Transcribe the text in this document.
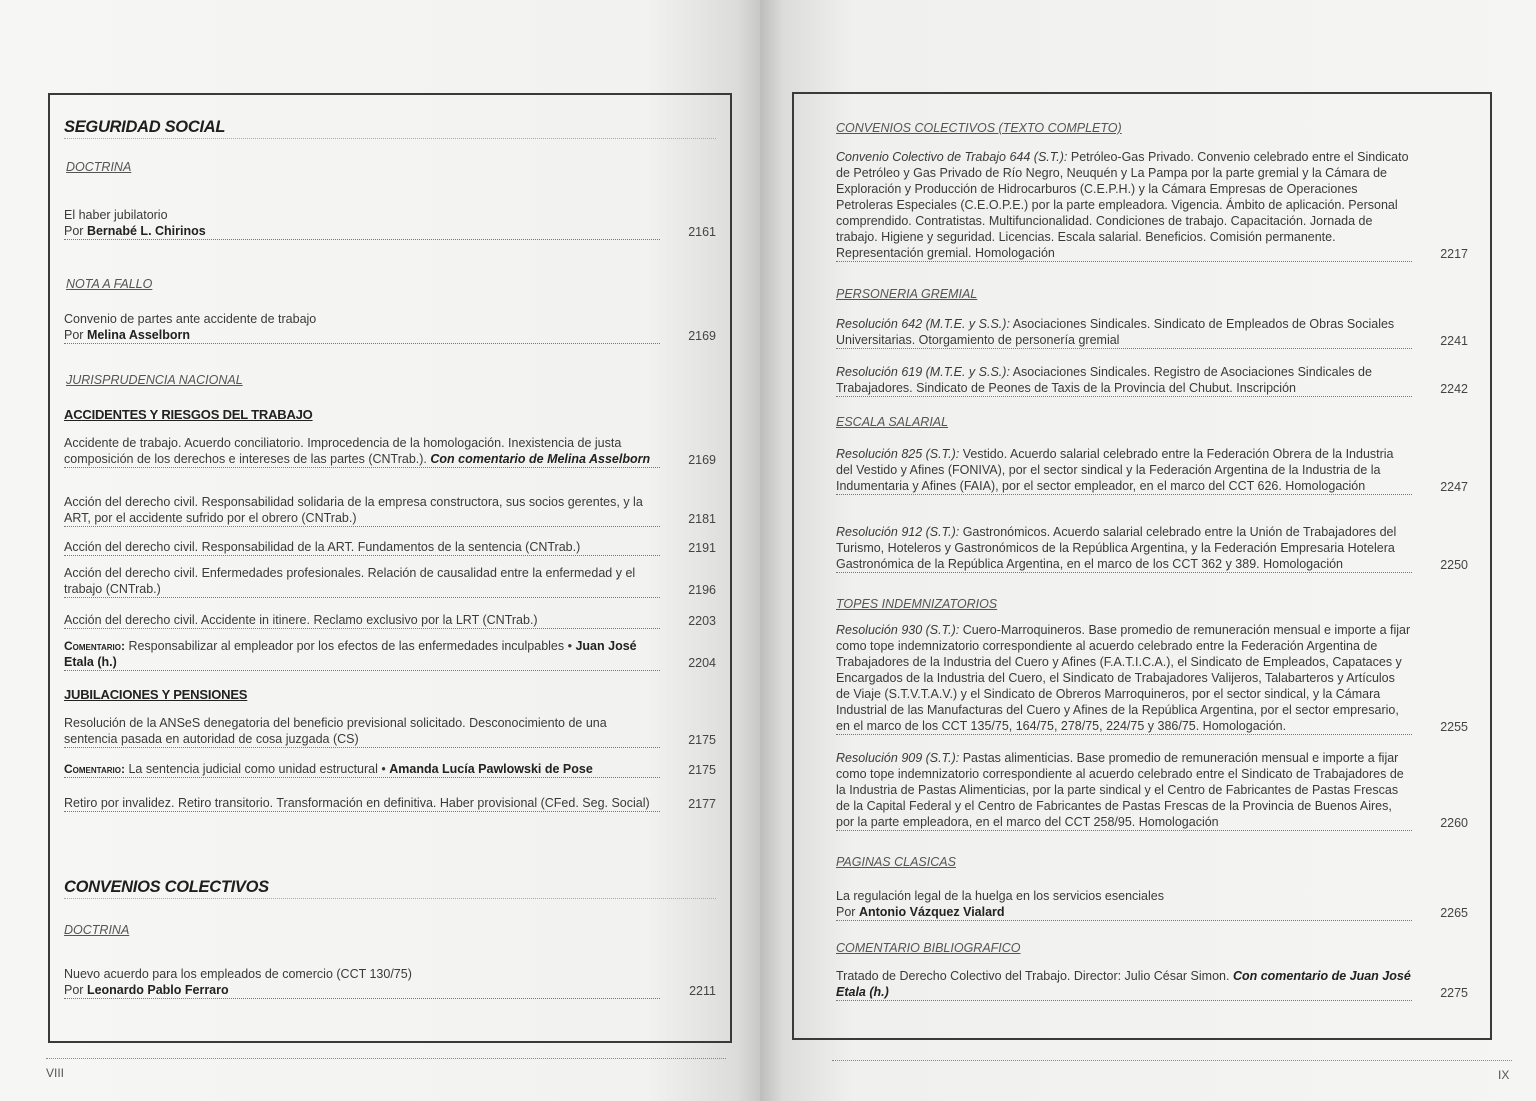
SEGURIDAD SOCIAL
DOCTRINA
El haber jubilatorio
Por Bernabé L. Chirinos	2161
NOTA A FALLO
Convenio de partes ante accidente de trabajo
Por Melina Asselborn	2169
JURISPRUDENCIA NACIONAL
ACCIDENTES Y RIESGOS DEL TRABAJO
Accidente de trabajo. Acuerdo conciliatorio. Improcedencia de la homologación. Inexistencia de justa composición de los derechos e intereses de las partes (CNTrab.). Con comentario de Melina Asselborn	2169
Acción del derecho civil. Responsabilidad solidaria de la empresa constructora, sus socios gerentes, y la ART, por el accidente sufrido por el obrero (CNTrab.)	2181
Acción del derecho civil. Responsabilidad de la ART. Fundamentos de la sentencia (CNTrab.)	2191
Acción del derecho civil. Enfermedades profesionales. Relación de causalidad entre la enfermedad y el trabajo (CNTrab.)	2196
Acción del derecho civil. Accidente in itinere. Reclamo exclusivo por la LRT (CNTrab.)	2203
Comentario: Responsabilizar al empleador por los efectos de las enfermedades inculpables • Juan José Etala (h.)	2204
JUBILACIONES Y PENSIONES
Resolución de la ANSeS denegatoria del beneficio previsional solicitado. Desconocimiento de una sentencia pasada en autoridad de cosa juzgada (CS)	2175
Comentario: La sentencia judicial como unidad estructural • Amanda Lucía Pawlowski de Pose	2175
Retiro por invalidez. Retiro transitorio. Transformación en definitiva. Haber provisional (CFed. Seg. Social)	2177
CONVENIOS COLECTIVOS
DOCTRINA
Nuevo acuerdo para los empleados de comercio (CCT 130/75)
Por Leonardo Pablo Ferraro	2211
VIII
CONVENIOS COLECTIVOS (TEXTO COMPLETO)
Convenio Colectivo de Trabajo 644 (S.T.): Petróleo-Gas Privado. Convenio celebrado entre el Sindicato de Petróleo y Gas Privado de Río Negro, Neuquén y La Pampa por la parte gremial y la Cámara de Exploración y Producción de Hidrocarburos (C.E.P.H.) y la Cámara Empresas de Operaciones Petroleras Especiales (C.E.O.P.E.) por la parte empleadora. Vigencia. Ámbito de aplicación. Personal comprendido. Contratistas. Multifuncionalidad. Condiciones de trabajo. Capacitación. Jornada de trabajo. Higiene y seguridad. Licencias. Escala salarial. Beneficios. Comisión permanente. Representación gremial. Homologación	2217
PERSONERIA GREMIAL
Resolución 642 (M.T.E. y S.S.): Asociaciones Sindicales. Sindicato de Empleados de Obras Sociales Universitarias. Otorgamiento de personería gremial	2241
Resolución 619 (M.T.E. y S.S.): Asociaciones Sindicales. Registro de Asociaciones Sindicales de Trabajadores. Sindicato de Peones de Taxis de la Provincia del Chubut. Inscripción	2242
ESCALA SALARIAL
Resolución 825 (S.T.): Vestido. Acuerdo salarial celebrado entre la Federación Obrera de la Industria del Vestido y Afines (FONIVA), por el sector sindical y la Federación Argentina de la Industria de la Indumentaria y Afines (FAIA), por el sector empleador, en el marco del CCT 626. Homologación	2247
Resolución 912 (S.T.): Gastronómicos. Acuerdo salarial celebrado entre la Unión de Trabajadores del Turismo, Hoteleros y Gastronómicos de la República Argentina, y la Federación Empresaria Hotelera Gastronómica de la República Argentina, en el marco de los CCT 362 y 389. Homologación	2250
TOPES INDEMNIZATORIOS
Resolución 930 (S.T.): Cuero-Marroquineros. Base promedio de remuneración mensual e importe a fijar como tope indemnizatorio correspondiente al acuerdo celebrado entre la Federación Argentina de Trabajadores de la Industria del Cuero y Afines (F.A.T.I.C.A.), el Sindicato de Empleados, Capataces y Encargados de la Industria del Cuero, el Sindicato de Trabajadores Valijeros, Talabarteros y Artículos de Viaje (S.T.V.T.A.V.) y el Sindicato de Obreros Marroquineros, por el sector sindical, y la Cámara Industrial de las Manufacturas del Cuero y Afines de la República Argentina, por el sector empresario, en el marco de los CCT 135/75, 164/75, 278/75, 224/75 y 386/75. Homologación.	2255
Resolución 909 (S.T.): Pastas alimenticias. Base promedio de remuneración mensual e importe a fijar como tope indemnizatorio correspondiente al acuerdo celebrado entre el Sindicato de Trabajadores de la Industria de Pastas Alimenticias, por la parte sindical y el Centro de Fabricantes de Pastas Frescas de la Capital Federal y el Centro de Fabricantes de Pastas Frescas de la Provincia de Buenos Aires, por la parte empleadora, en el marco del CCT 258/95. Homologación	2260
PAGINAS CLASICAS
La regulación legal de la huelga en los servicios esenciales
Por Antonio Vázquez Vialard	2265
COMENTARIO BIBLIOGRAFICO
Tratado de Derecho Colectivo del Trabajo. Director: Julio César Simon. Con comentario de Juan José Etala (h.)	2275
IX
